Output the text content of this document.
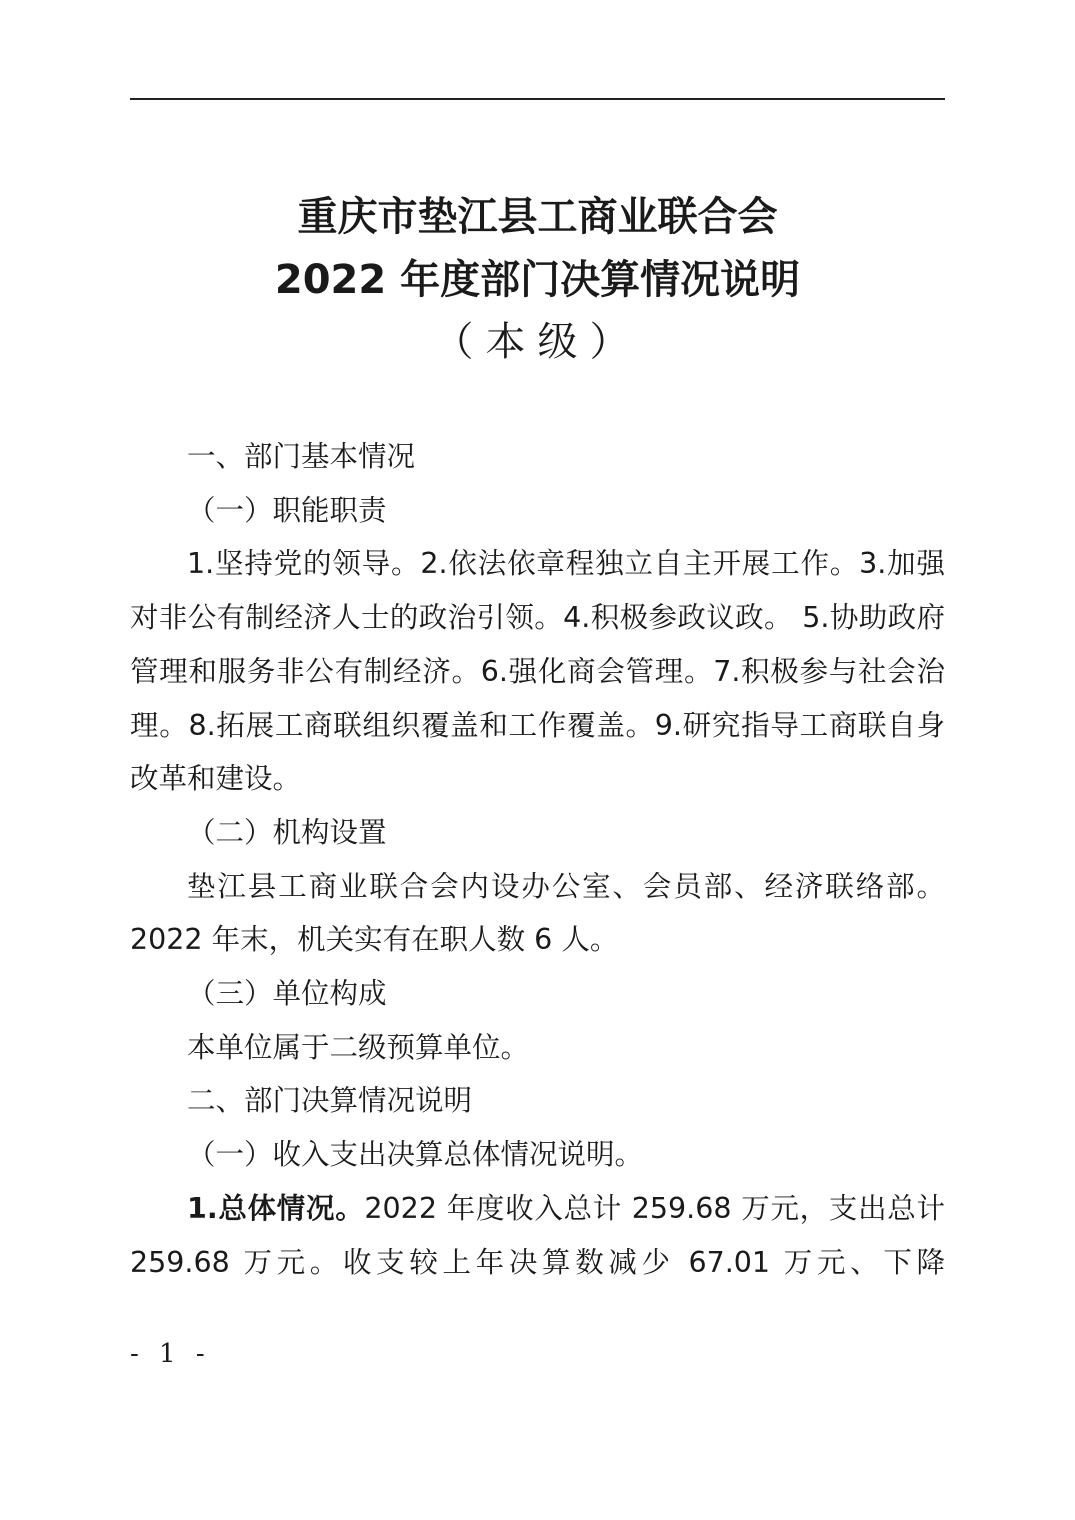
重庆市垫江县工商业联合会
2022 年度部门决算情况说明
（本级）

一、部门基本情况

（一）职能职责

1.坚持党的领导。2.依法依章程独立自主开展工作。3.加强对非公有制经济人士的政治引领。4.积极参政议政。 5.协助政府管理和服务非公有制经济。6.强化商会管理。7.积极参与社会治理。8.拓展工商联组织覆盖和工作覆盖。9.研究指导工商联自身改革和建设。

（二）机构设置

垫江县工商业联合会内设办公室、会员部、经济联络部。2022 年末，机关实有在职人数 6 人。

（三）单位构成

本单位属于二级预算单位。

二、部门决算情况说明

（一）收入支出决算总体情况说明。

1.总体情况。2022 年度收入总计 259.68 万元，支出总计 259.68 万元。收支较上年决算数减少 67.01 万元、下降

- 1 -
